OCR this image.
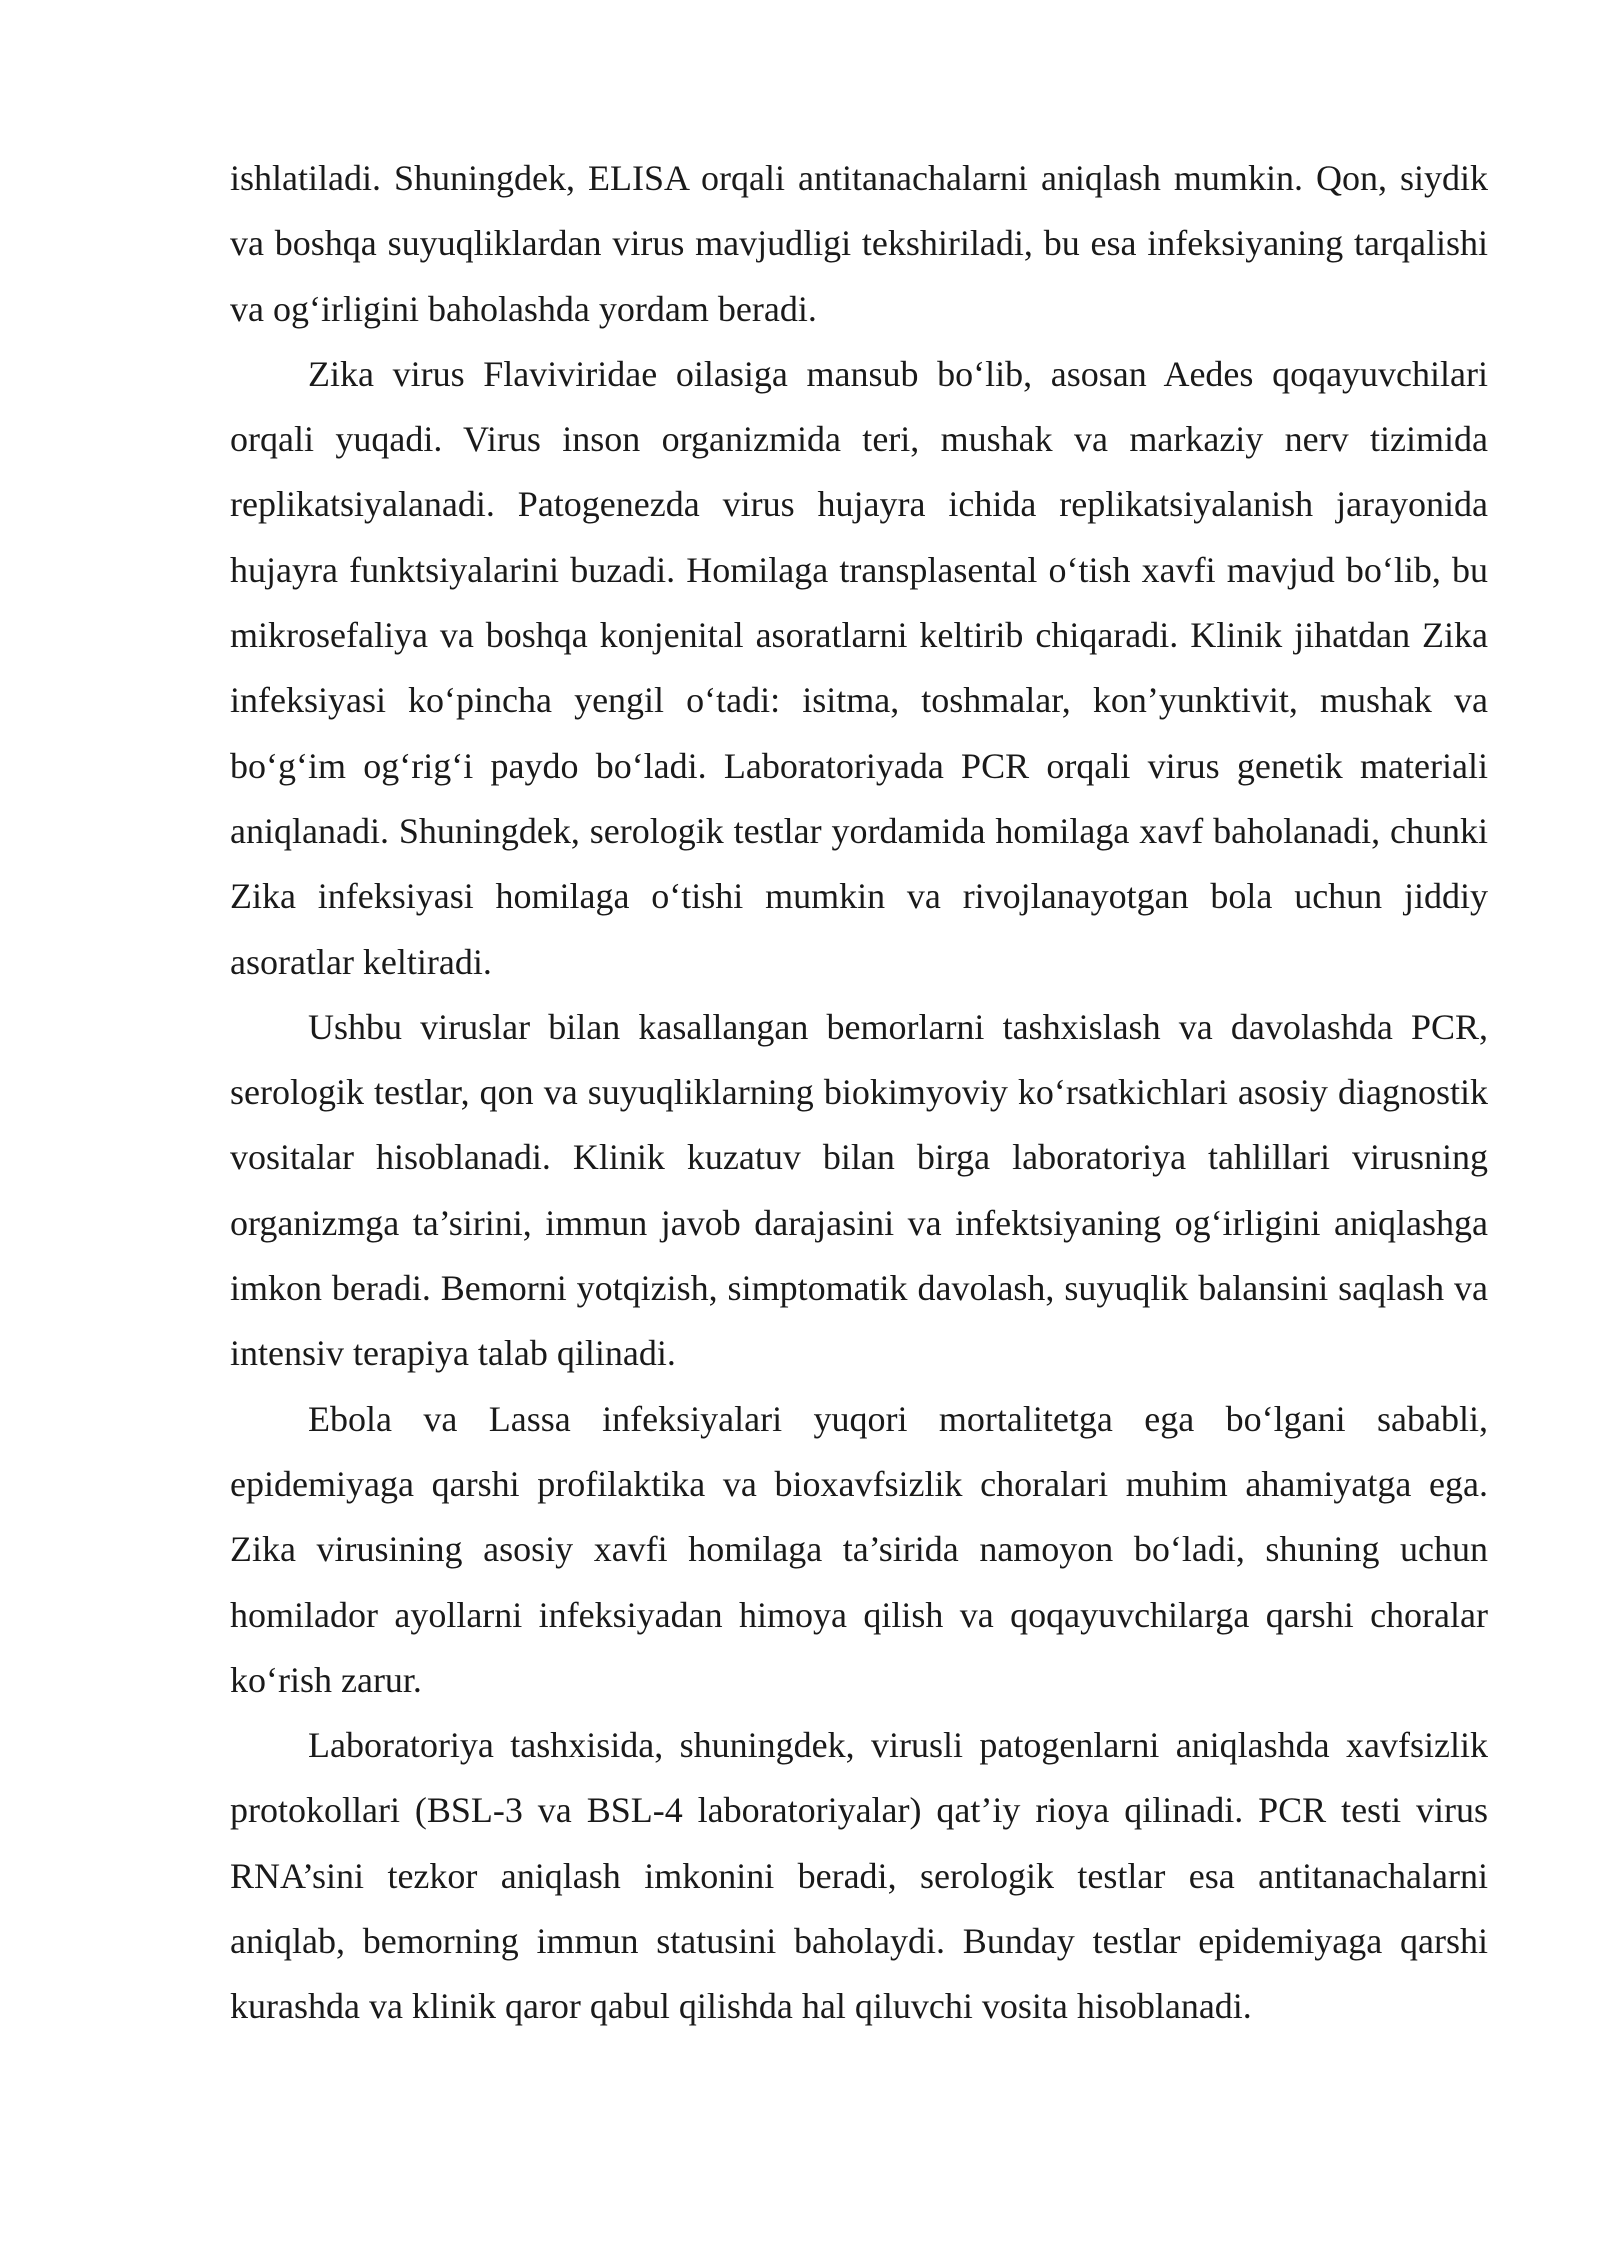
ishlatiladi. Shuningdek, ELISA orqali antitanachalarni aniqlash mumkin. Qon, siydik va boshqa suyuqliklardan virus mavjudligi tekshiriladi, bu esa infeksiyaning tarqalishi va og‘irligini baholashda yordam beradi.

Zika virus Flaviviridae oilasiga mansub bo‘lib, asosan Aedes qoqayuvchilari orqali yuqadi. Virus inson organizmida teri, mushak va markaziy nerv tizimida replikatsiyalanadi. Patogenezda virus hujayra ichida replikatsiyalanish jarayonida hujayra funktsiyalarini buzadi. Homilaga transplasental o‘tish xavfi mavjud bo‘lib, bu mikrosefaliya va boshqa konjenital asoratlarni keltirib chiqaradi. Klinik jihatdan Zika infeksiyasi ko‘pincha yengil o‘tadi: isitma, toshmalar, kon’yunktivit, mushak va bo‘g‘im og‘rig‘i paydo bo‘ladi. Laboratoriyada PCR orqali virus genetik materiali aniqlanadi. Shuningdek, serologik testlar yordamida homilaga xavf baholanadi, chunki Zika infeksiyasi homilaga o‘tishi mumkin va rivojlanayotgan bola uchun jiddiy asoratlar keltiradi.

Ushbu viruslar bilan kasallangan bemorlarni tashxislash va davolashda PCR, serologik testlar, qon va suyuqliklarning biokimyoviy ko‘rsatkichlari asosiy diagnostik vositalar hisoblanadi. Klinik kuzatuv bilan birga laboratoriya tahlillari virusning organizmga ta’sirini, immun javob darajasini va infektsiyaning og‘irligini aniqlashga imkon beradi. Bemorni yotqizish, simptomatik davolash, suyuqlik balansini saqlash va intensiv terapiya talab qilinadi.

Ebola va Lassa infeksiyalari yuqori mortalitetga ega bo‘lgani sababli, epidemiyaga qarshi profilaktika va bioxavfsizlik choralari muhim ahamiyatga ega. Zika virusining asosiy xavfi homilaga ta’sirida namoyon bo‘ladi, shuning uchun homilador ayollarni infeksiyadan himoya qilish va qoqayuvchilarga qarshi choralar ko‘rish zarur.

Laboratoriya tashxisida, shuningdek, virusli patogenlarni aniqlashda xavfsizlik protokollari (BSL-3 va BSL-4 laboratoriyalar) qat’iy rioya qilinadi. PCR testi virus RNA’sini tezkor aniqlash imkonini beradi, serologik testlar esa antitanachalarni aniqlab, bemorning immun statusini baholaydi. Bunday testlar epidemiyaga qarshi kurashda va klinik qaror qabul qilishda hal qiluvchi vosita hisoblanadi.
